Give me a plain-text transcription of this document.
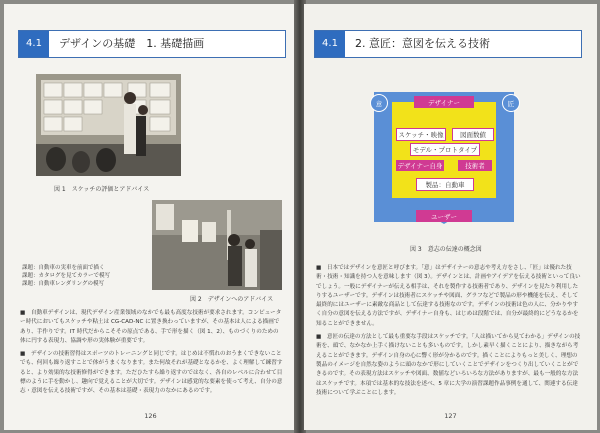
4.1	デザインの基礎　1. 基礎描画
図 1　スケッチの評価とアドバイス
図 2　デザインへのアドバイス
課題：自動車の実車を前面で描く
課題：カタログを見てカラーで模写
課題：自動車レンダリングの模写

■　自動車デザインは、現代デザイン産業領域のなかでも最も高度な技術が要求されます。コンピューター時代においてもスケッチや粘土は CG-CAD-NC に置き換わっていますが、その基本は人による描画であり、手作りです。IT 時代だからこそその原点である、手で形を描く（図 1、2）、ものづくりのための体に円する表現力、協調や形の実体験が重要です。

■　デザインの技術習得はスポーツのトレーニングと同じです。はじめは不慣れのおうまくできないことでも、何回も繰り返すことで体がうまくなります。また何故それが基礎となるかを、よく理解して練習すると、より効果的な技術修得ができます。ただひたすら繰り返すのではなく、各自のレベルに合わせて目標のように手を動かし、趣向で覚えることが大切です。デザインは感覚的な要素を使って考え、自分の意志・意図を伝える技術ですが、その基本は基礎・表現力のなかにあるのです。

126
4.1	2. 意匠：意図を伝える技術
意	デザイナー	匠
スケッチ・映像	図面数値
モデル・プロトタイプ
デザイナー自身	技術者
製品：自動車
ユーザー
図 3　意志の伝達の概念図

■　日本ではデザインを意匠と呼びます。「意」はデザイナーの意志や考え方をさし、「匠」は優れた技術・技術・知識を持つ人を意味します（図 3）。デザインとは、計画やアイデアを伝える技術といって良いでしょう。一般にデザイナーが伝える相手は、それを製作する技術者であり、デザインを見たり利用したりするユーザーです。デザインは技術者にスケッチや図面、グラフなどで製品の形や機能を伝え、そして最終的にはユーザーに素敵な商品として伝達する技術なのです。デザインの技術は色の人に、分かりやすく自分の意図を伝える方法ですが、デザイナー自身も、はじめは段階では、自分が最終的にどうなるかを知ることができません。

■　意匠の伝達の方法として最も重要な手段はスケッチです。「人は描いてから見てわかる」デザインの技術を、頭で、なかなか上手く描けないことも多いものです。しかし素早く描くことにより、描きながら考えることができます。デザイン自身の心に響く形が分かるのです。描くことによりもっと美しく、理想の製品のイメージを自然な姿のように頭のなかで形にしていくことでデザインをつくり出していくことができるのです。その表現方法はスケッチや図面、数値などいろいろな方法がありますが、最も一般的な方法はスケッチです。本項では基本的な技法を述べ、5 章に大学の演習課題作品事例を通して、関連する伝達技術について学ぶことにします。

127
